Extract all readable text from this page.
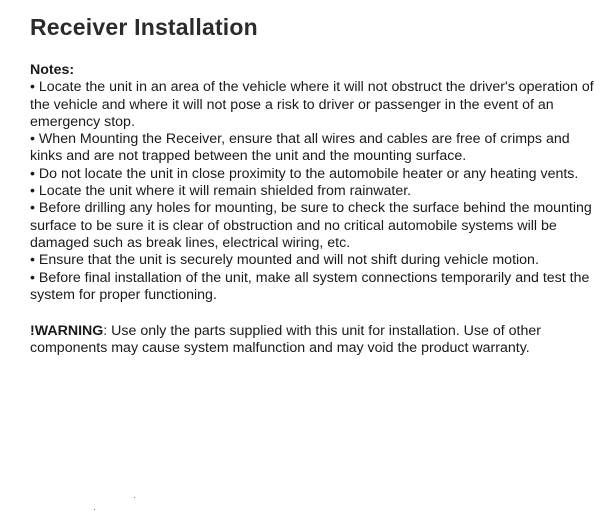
Receiver Installation

Notes:

• Locate the unit in an area of the vehicle where it will not obstruct the driver's operation of the vehicle and where it will not pose a risk to driver or passenger in the event of an emergency stop.
• When Mounting the Receiver, ensure that all wires and cables are free of crimps and kinks and are not trapped between the unit and the mounting surface.
• Do not locate the unit in close proximity to the automobile heater or any heating vents.
• Locate the unit where it will remain shielded from rainwater.
• Before drilling any holes for mounting, be sure to check the surface behind the mounting surface to be sure it is clear of obstruction and no critical automobile systems will be damaged such as break lines, electrical wiring, etc.
• Ensure that the unit is securely mounted and will not shift during vehicle motion.
• Before final installation of the unit, make all system connections temporarily and test the system for proper functioning.

!WARNING: Use only the parts supplied with this unit for installation. Use of other components may cause system malfunction and may void the product warranty.
